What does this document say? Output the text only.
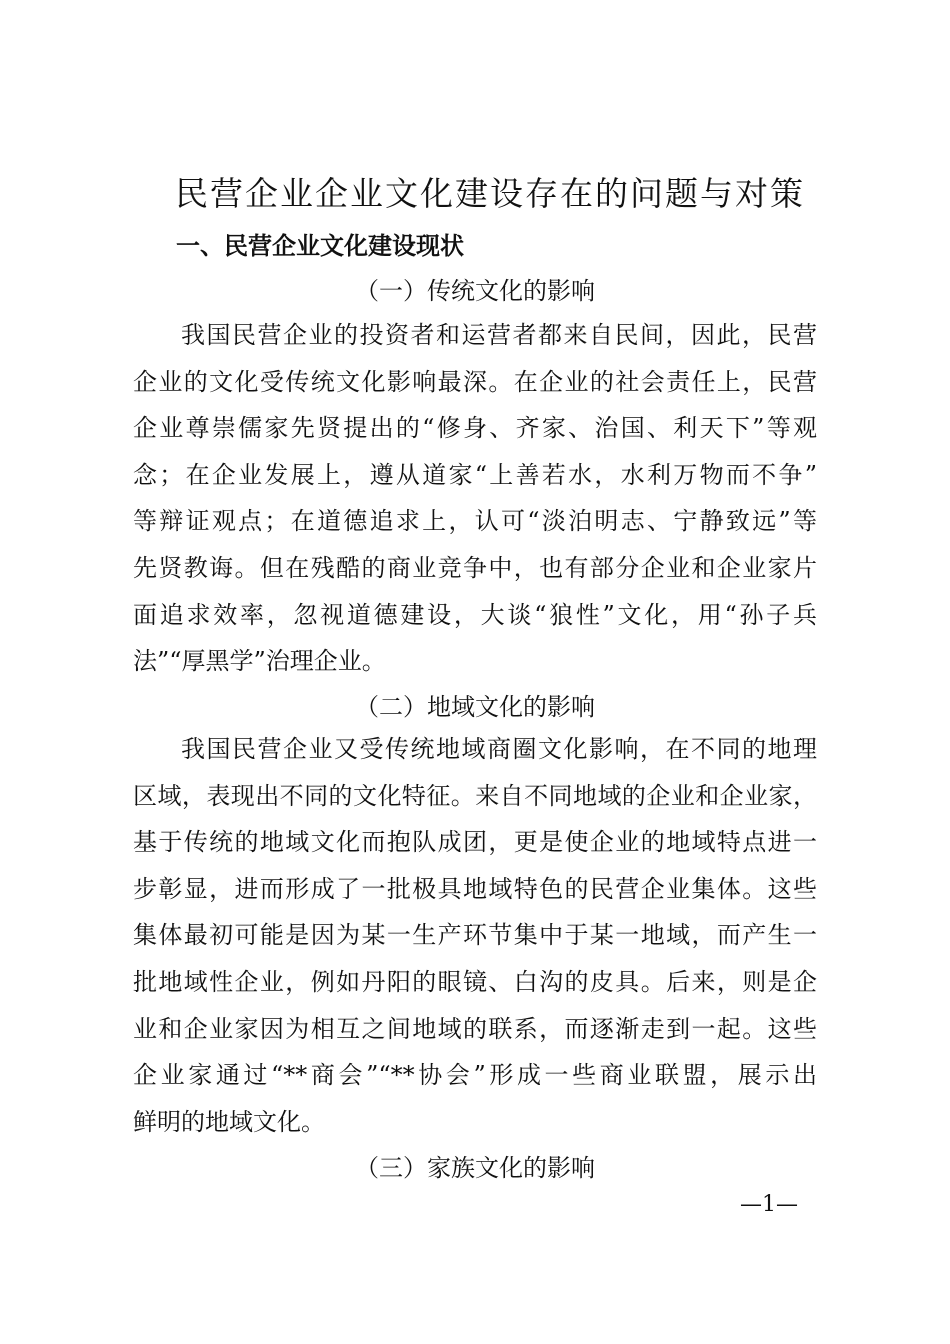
民营企业企业文化建设存在的问题与对策
一、民营企业文化建设现状
（一）传统文化的影响
我国民营企业的投资者和运营者都来自民间，因此，民营
企业的文化受传统文化影响最深。在企业的社会责任上，民营
企业尊崇儒家先贤提出的“修身、齐家、治国、利天下”等观
念；在企业发展上，遵从道家“上善若水，水利万物而不争”
等辩证观点；在道德追求上，认可“淡泊明志、宁静致远”等
先贤教诲。但在残酷的商业竞争中，也有部分企业和企业家片
面追求效率，忽视道德建设，大谈“狼性”文化，用“孙子兵
法”“厚黑学”治理企业。
（二）地域文化的影响
我国民营企业又受传统地域商圈文化影响，在不同的地理
区域，表现出不同的文化特征。来自不同地域的企业和企业家，
基于传统的地域文化而抱队成团，更是使企业的地域特点进一
步彰显，进而形成了一批极具地域特色的民营企业集体。这些
集体最初可能是因为某一生产环节集中于某一地域，而产生一
批地域性企业，例如丹阳的眼镜、白沟的皮具。后来，则是企
业和企业家因为相互之间地域的联系，而逐渐走到一起。这些
企业家通过“**商会”“**协会”形成一些商业联盟，展示出
鲜明的地域文化。
（三）家族文化的影响
—1—
